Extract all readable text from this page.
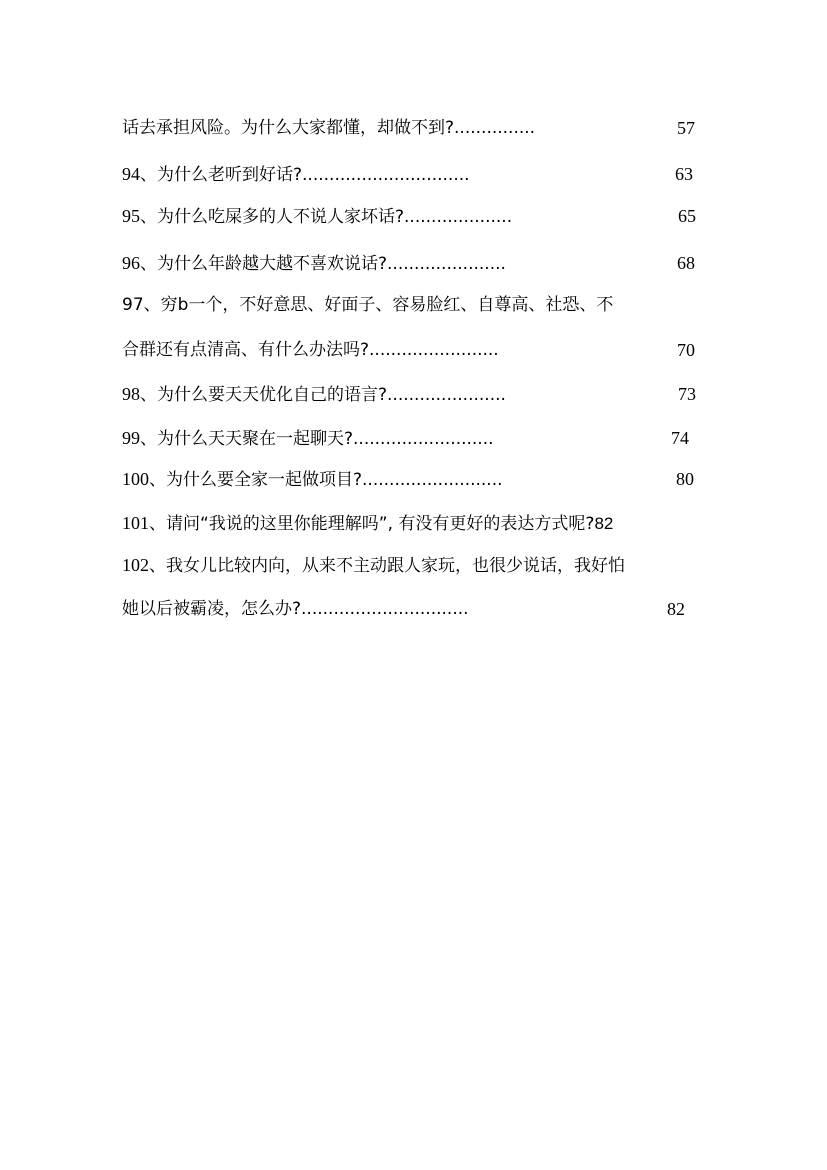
话去承担风险。为什么大家都懂，却做不到?...............	57
94、为什么老听到好话?...............................	63
95、为什么吃屎多的人不说人家坏话?....................	65
96、为什么年龄越大越不喜欢说话?......................	68
97、穷b一个，不好意思、好面子、容易脸红、自尊高、社恐、不
合群还有点清高、有什么办法吗?........................	70
98、为什么要天天优化自己的语言?......................	73
99、为什么天天聚在一起聊天?..........................	74
100、为什么要全家一起做项目?..........................	80
101、请问“我说的这里你能理解吗”, 有没有更好的表达方式呢?82
102、我女儿比较内向，从来不主动跟人家玩，也很少说话，我好怕
她以后被霸凌，怎么办?...............................	82
